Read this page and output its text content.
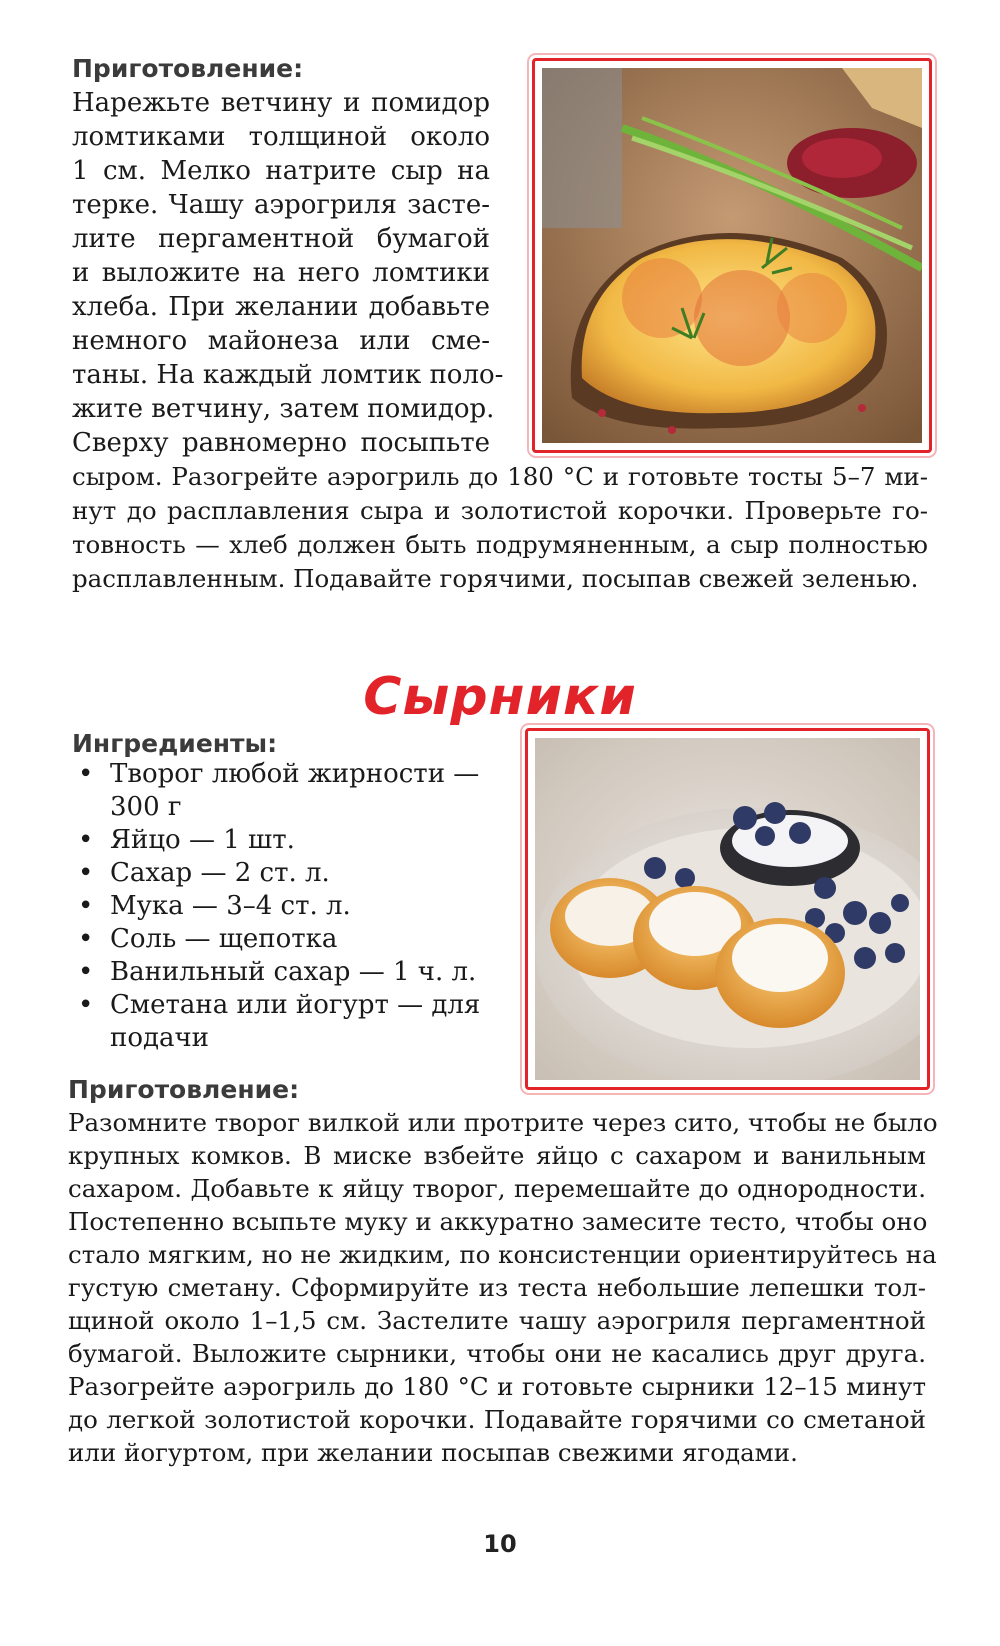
Приготовление:

Нарежьте ветчину и помидор

ломтиками толщиной около

1 см. Мелко натрите сыр на

терке. Чашу аэрогриля засте-

лите пергаментной бумагой

и выложите на него ломтики

хлеба. При желании добавьте

немного майонеза или сме-

таны. На каждый ломтик поло-

жите ветчину, затем помидор.

Сверху равномерно посыпьте

сыром. Разогрейте аэрогриль до 180 °С и готовьте тосты 5–7 ми-

нут до расплавления сыра и золотистой корочки. Проверьте го-

товность — хлеб должен быть подрумяненным, а сыр полностью

расплавленным. Подавайте горячими, посыпав свежей зеленью.

Сырники
Ингредиенты:
• Творог любой жирности —

300 г

• Яйцо — 1 шт.

• Сахар — 2 ст. л.

• Мука — 3–4 ст. л.

• Соль — щепотка

• Ванильный сахар — 1 ч. л.

• Сметана или йогурт — для

подачи

Приготовление:

Разомните творог вилкой или протрите через сито, чтобы не было

крупных комков. В миске взбейте яйцо с сахаром и ванильным

сахаром. Добавьте к яйцу творог, перемешайте до однородности.

Постепенно всыпьте муку и аккуратно замесите тесто, чтобы оно

стало мягким, но не жидким, по консистенции ориентируйтесь на

густую сметану. Сформируйте из теста небольшие лепешки тол-

щиной около 1–1,5 см. Застелите чашу аэрогриля пергаментной

бумагой. Выложите сырники, чтобы они не касались друг друга.

Разогрейте аэрогриль до 180 °С и готовьте сырники 12–15 минут

до легкой золотистой корочки. Подавайте горячими со сметаной

или йогуртом, при желании посыпав свежими ягодами.

10
